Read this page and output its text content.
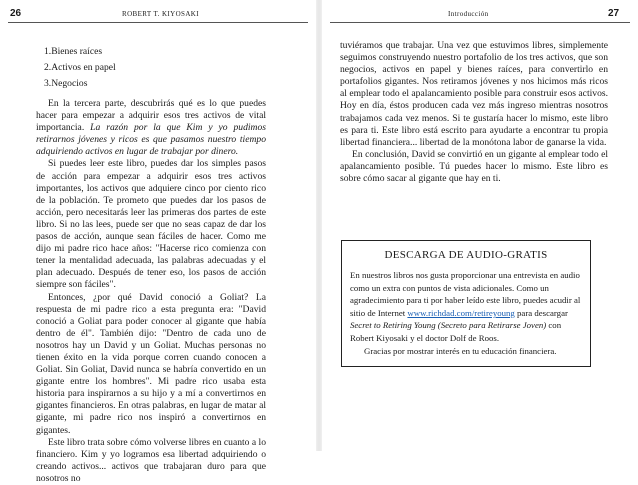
26	ROBERT T. KIYOSAKI

1.Bienes raíces

2.Activos en papel

3.Negocios

En la tercera parte, descubrirás qué es lo que puedes hacer para empezar a adquirir esos tres activos de vital importancia. La razón por la que Kim y yo pudimos retirarnos jóvenes y ricos es que pasamos nuestro tiempo adquiriendo activos en lugar de trabajar por dinero.

Si puedes leer este libro, puedes dar los simples pasos de acción para empezar a adquirir esos tres activos importantes, los activos que adquiere cinco por ciento rico de la población. Te prometo que puedes dar los pasos de acción, pero necesitarás leer las primeras dos partes de este libro. Si no las lees, puede ser que no seas capaz de dar los pasos de acción, aunque sean fáciles de hacer. Como me dijo mi padre rico hace años: "Hacerse rico comienza con tener la mentalidad adecuada, las palabras adecuadas y el plan adecuado. Después de tener eso, los pasos de acción siempre son fáciles".

Entonces, ¿por qué David conoció a Goliat? La respuesta de mi padre rico a esta pregunta era: "David conoció a Goliat para poder conocer al gigante que había dentro de él". También dijo: "Dentro de cada uno de nosotros hay un David y un Goliat. Muchas personas no tienen éxito en la vida porque corren cuando conocen a Goliat. Sin Goliat, David nunca se habría convertido en un gigante entre los hombres". Mi padre rico usaba esta historia para inspirarnos a su hijo y a mí a convertirnos en gigantes financieros. En otras palabras, en lugar de matar al gigante, mi padre rico nos inspiró a convertirnos en gigantes.

Este libro trata sobre cómo volverse libres en cuanto a lo financiero. Kim y yo logramos esa libertad adquiriendo o creando activos... activos que trabajaran duro para que nosotros no

Introducción	27

tuviéramos que trabajar. Una vez que estuvimos libres, simplemente seguimos construyendo nuestro portafolio de los tres activos, que son negocios, activos en papel y bienes raíces, para convertirlo en portafolios gigantes. Nos retiramos jóvenes y nos hicimos más ricos al emplear todo el apalancamiento posible para construir esos activos. Hoy en día, éstos producen cada vez más ingreso mientras nosotros trabajamos cada vez menos. Si te gustaría hacer lo mismo, este libro es para ti. Este libro está escrito para ayudarte a encontrar tu propia libertad financiera... libertad de la monótona labor de ganarse la vida.

En conclusión, David se convirtió en un gigante al emplear todo el apalancamiento posible. Tú puedes hacer lo mismo. Este libro es sobre cómo sacar al gigante que hay en ti.

DESCARGA DE AUDIO-GRATIS

En nuestros libros nos gusta proporcionar una entrevista en audio como un extra con puntos de vista adicionales. Como un agradecimiento para ti por haber leído este libro, puedes acudir al sitio de Internet www.richdad.com/retireyoung para descargar Secret to Retiring Young (Secreto para Retirarse Joven) con Robert Kiyosaki y el doctor Dolf de Roos.

Gracias por mostrar interés en tu educación financiera.
